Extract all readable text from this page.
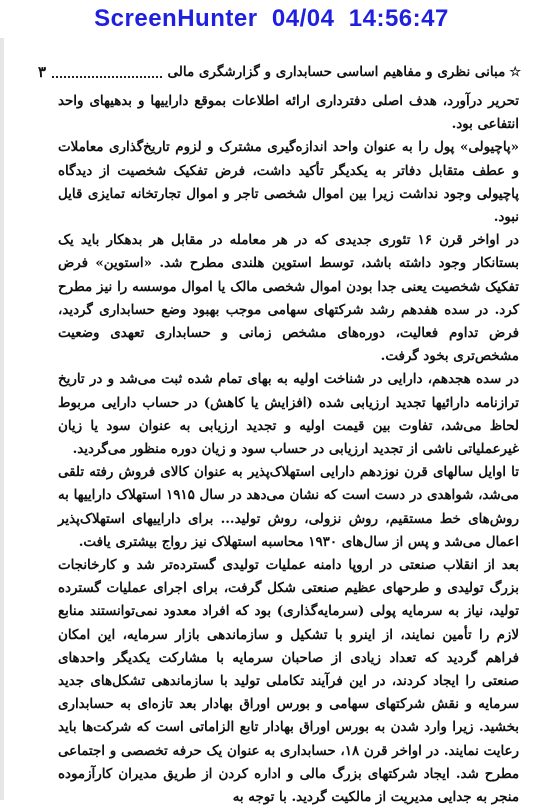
ScreenHunter  04/04  14:56:47
☆
مبانی نظری و مفاهیم اساسی حسابداری و گزارشگری مالی
۳

تحریر درآورد، هدف اصلی دفترداری ارائه اطلاعات بموقع داراییها و بدهیهای واحد انتفاعی بود.

«پاچیولی» پول را به عنوان واحد اندازه‌گیری مشترک و لزوم تاریخ‌گذاری معاملات و عطف متقابل دفاتر به یکدیگر تأکید داشت، فرض تفکیک شخصیت از دیدگاه پاچیولی وجود نداشت زیرا بین اموال شخصی تاجر و اموال تجارتخانه تمایزی قایل نبود.

در اواخر قرن ۱۶ تئوری جدیدی که در هر معامله در مقابل هر بدهکار باید یک بستانکار وجود داشته باشد، توسط استوین هلندی مطرح شد. «استوین» فرض تفکیک شخصیت یعنی جدا بودن اموال شخصی مالک یا اموال موسسه را نیز مطرح کرد. در سده هفدهم رشد شرکتهای سهامی موجب بهبود وضع حسابداری گردید، فرض تداوم فعالیت، دوره‌های مشخص زمانی و حسابداری تعهدی وضعیت مشخص‌تری بخود گرفت.

در سده هجدهم، دارایی در شناخت اولیه به بهای تمام شده ثبت می‌شد و در تاریخ ترازنامه دارائیها تجدید ارزیابی شده (افزایش یا کاهش) در حساب دارایی مربوط لحاظ می‌شد، تفاوت بین قیمت اولیه و تجدید ارزیابی به عنوان سود یا زیان غیرعملیاتی ناشی از تجدید ارزیابی در حساب سود و زیان دوره منظور می‌گردید.

تا اوایل سالهای قرن نوزدهم دارایی استهلاک‌پذیر به عنوان کالای فروش رفته تلقی می‌شد، شواهدی در دست است که نشان می‌دهد در سال ۱۹۱۵ استهلاک داراییها به روش‌های خط مستقیم، روش نزولی، روش تولید... برای داراییهای استهلاک‌پذیر اعمال می‌شد و پس از سال‌های ۱۹۳۰ محاسبه استهلاک نیز رواج بیشتری یافت.

بعد از انقلاب صنعتی در اروپا دامنه عملیات تولیدی گسترده‌تر شد و کارخانجات بزرگ تولیدی و طرحهای عظیم صنعتی شکل گرفت، برای اجرای عملیات گسترده تولید، نیاز به سرمایه پولی (سرمایه‌گذاری) بود که افراد معدود نمی‌توانستند منابع لازم را تأمین نمایند، از اینرو با تشکیل و سازماندهی بازار سرمایه، این امکان فراهم گردید که تعداد زیادی از صاحبان سرمایه با مشارکت یکدیگر واحدهای صنعتی را ایجاد کردند، در این فرآیند تکاملی تولید با سازماندهی تشکل‌های جدید سرمایه و نقش شرکتهای سهامی و بورس اوراق بهادار بعد تازه‌ای به حسابداری بخشید. زیرا وارد شدن به بورس اوراق بهادار تابع الزاماتی است که شرکت‌ها باید رعایت نمایند. در اواخر قرن ۱۸، حسابداری به عنوان یک حرفه تخصصی و اجتماعی مطرح شد. ایجاد شرکتهای بزرگ مالی و اداره کردن از طریق مدیران کارآزموده منجر به جدایی مدیریت از مالکیت گردید. با توجه به
